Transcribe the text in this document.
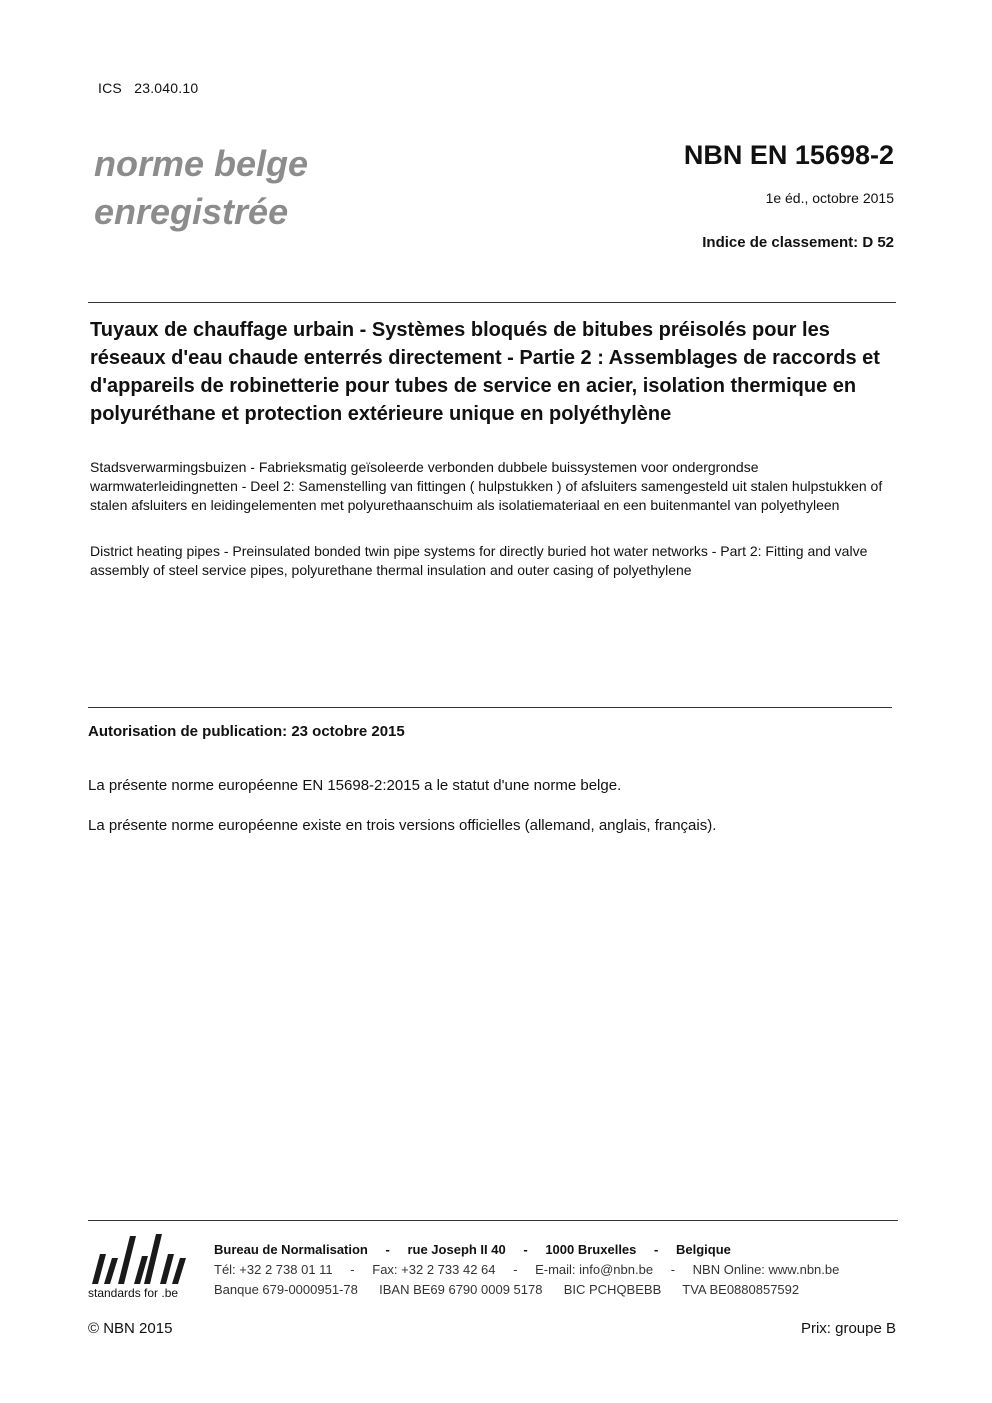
ICS 23.040.10
norme belge
enregistrée
NBN EN 15698-2
1e éd., octobre 2015
Indice de classement: D 52
Tuyaux de chauffage urbain - Systèmes bloqués de bitubes préisolés pour les réseaux d'eau chaude enterrés directement - Partie 2 : Assemblages de raccords et d'appareils de robinetterie pour tubes de service en acier, isolation thermique en polyuréthane et protection extérieure unique en polyéthylène
Stadsverwarmingsbuizen - Fabrieksmatig geïsoleerde verbonden dubbele buissystemen voor ondergrondse warmwaterleidingnetten - Deel 2: Samenstelling van fittingen ( hulpstukken ) of afsluiters samengesteld uit stalen hulpstukken of stalen afsluiters en leidingelementen met polyurethaanschuim als isolatiemateriaal en een buitenmantel van polyethyleen
District heating pipes - Preinsulated bonded twin pipe systems for directly buried hot water networks - Part 2: Fitting and valve assembly of steel service pipes, polyurethane thermal insulation and outer casing of polyethylene
Autorisation de publication: 23 octobre 2015
La présente norme européenne EN 15698-2:2015 a le statut d'une norme belge.
La présente norme européenne existe en trois versions officielles (allemand, anglais, français).
standards for .be
Bureau de Normalisation - rue Joseph II 40 - 1000 Bruxelles - Belgique
Tél: +32 2 738 01 11 - Fax: +32 2 733 42 64 - E-mail: info@nbn.be - NBN Online: www.nbn.be
Banque 679-0000951-78 IBAN BE69 6790 0009 5178 BIC PCHQBEBB TVA BE0880857592
© NBN 2015	Prix: groupe B
